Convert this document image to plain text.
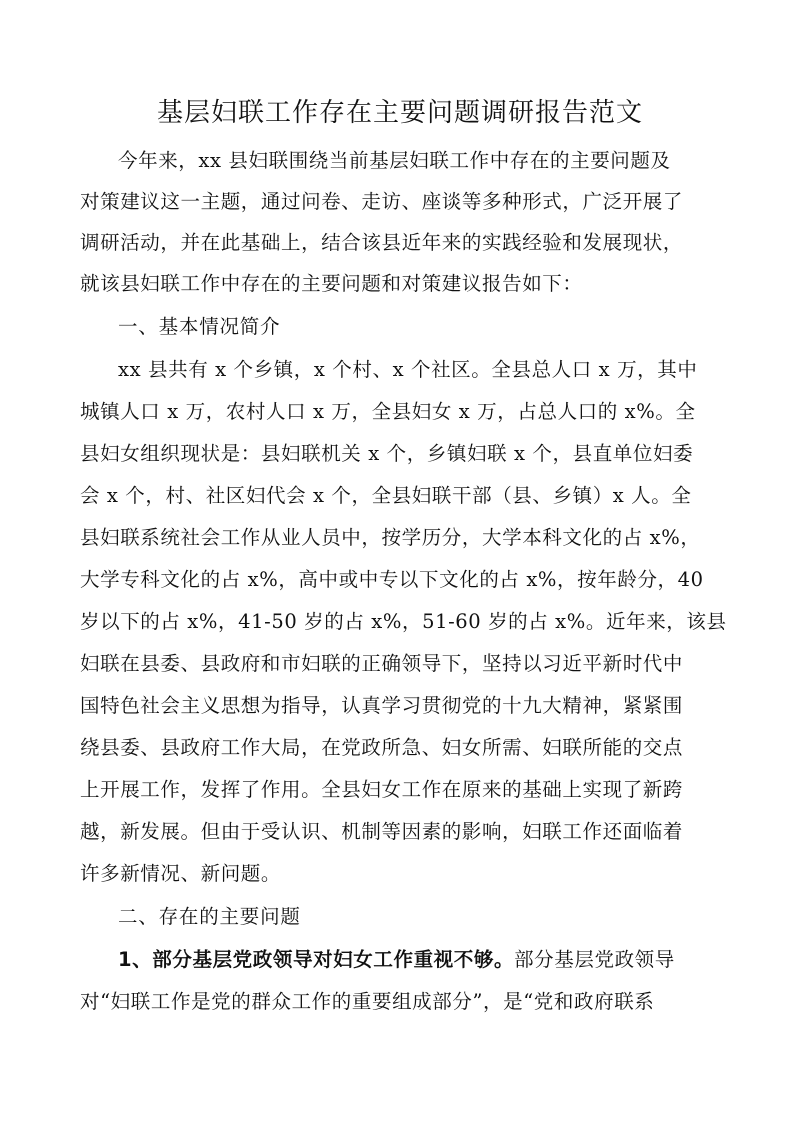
基层妇联工作存在主要问题调研报告范文
今年来，xx 县妇联围绕当前基层妇联工作中存在的主要问题及
对策建议这一主题，通过问卷、走访、座谈等多种形式，广泛开展了
调研活动，并在此基础上，结合该县近年来的实践经验和发展现状，
就该县妇联工作中存在的主要问题和对策建议报告如下：
一、基本情况简介
xx 县共有 x 个乡镇，x 个村、x 个社区。全县总人口 x 万，其中
城镇人口 x 万，农村人口 x 万，全县妇女 x 万，占总人口的 x%。全
县妇女组织现状是：县妇联机关 x 个，乡镇妇联 x 个，县直单位妇委
会 x 个，村、社区妇代会 x 个，全县妇联干部（县、乡镇）x 人。全
县妇联系统社会工作从业人员中，按学历分，大学本科文化的占 x%，
大学专科文化的占 x%，高中或中专以下文化的占 x%，按年龄分，40
岁以下的占 x%，41-50 岁的占 x%，51-60 岁的占 x%。近年来，该县
妇联在县委、县政府和市妇联的正确领导下，坚持以习近平新时代中
国特色社会主义思想为指导，认真学习贯彻党的十九大精神，紧紧围
绕县委、县政府工作大局，在党政所急、妇女所需、妇联所能的交点
上开展工作，发挥了作用。全县妇女工作在原来的基础上实现了新跨
越，新发展。但由于受认识、机制等因素的影响，妇联工作还面临着
许多新情况、新问题。
二、存在的主要问题
1、部分基层党政领导对妇女工作重视不够。部分基层党政领导
对“妇联工作是党的群众工作的重要组成部分”，是“党和政府联系
